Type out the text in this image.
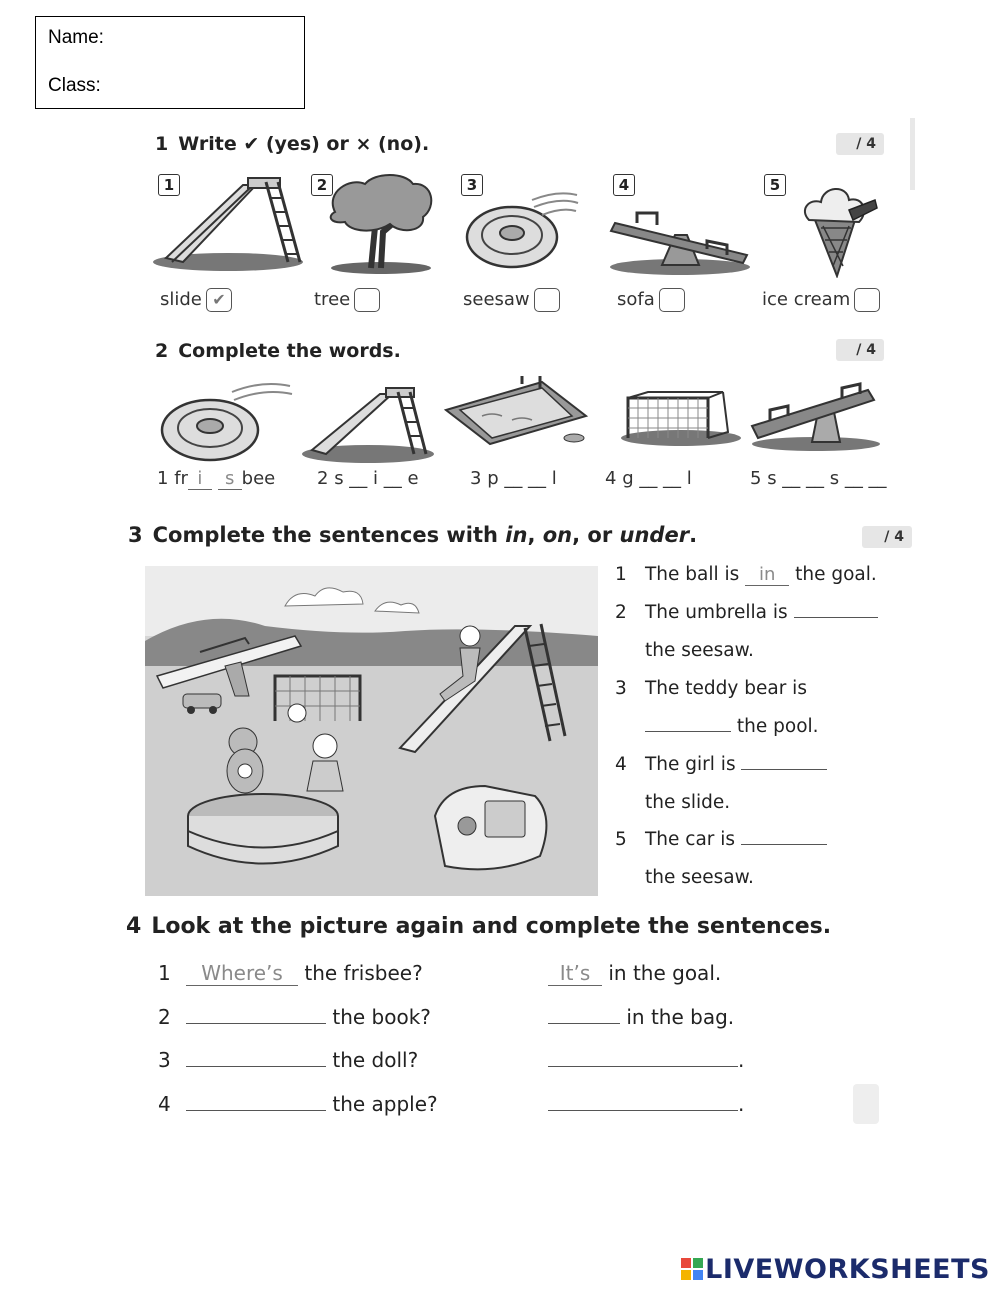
Name:
Class:
1 Write ✔ (yes) or × (no).	/ 4
1	2	3	4	5
slide ✔	tree	seesaw	sofa	ice cream
2 Complete the words.	/ 4
1 fr i s bee 2 s __ i __ e	3 p __ __ l	4 g __ __ l	5 s __ __ s __ __
3 Complete the sentences with in, on, or under.	/ 4
1 The ball is in the goal.
2 The umbrella is
the seesaw.
3 The teddy bear is
the pool.
4 The girl is
the slide.
5 The car is
the seesaw.
4 Look at the picture again and complete the sentences.
1 Where’s the frisbee?	It’s in the goal.
2	the book?	in the bag.
3	the doll?	.
4	the apple?	.
LIVEWORKSHEETS
